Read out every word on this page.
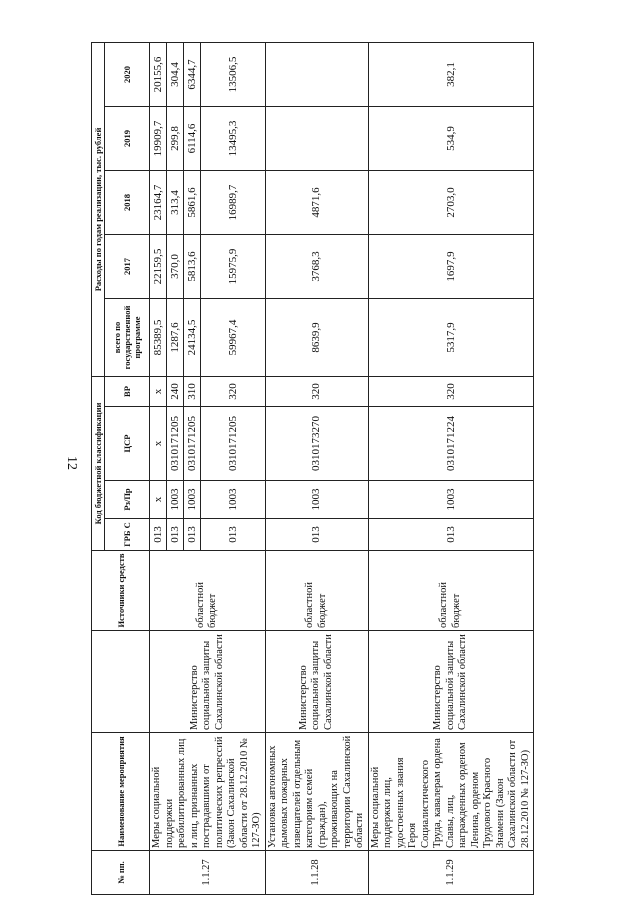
12
№ пп.	Наименование мероприятия		Источники средств	Код бюджетной классификации				Расходы по годам реализации, тыс. рублей				
				ГРБ С	Рз/Пр	ЦСР	ВР	всего по государственной программе	2017	2018	2019	2020
1.1.27	Меры социальной поддержки реабилитированных лиц и лиц, признанных пострадавшими от политических репрессий (Закон Сахалинской области от 28.12.2010 № 127-ЗО)	Министерство социальной защиты Сахалинской области	областной бюджет	013	x	x	x	85389,5	22159,5	23164,7	19909,7	20155,6
				013	1003	0310171205	240	1287,6	370,0	313,4	299,8	304,4
				013	1003	0310171205	310	24134,5	5813,6	5861,6	6114,6	6344,7
				013	1003	0310171205	320	59967,4	15975,9	16989,7	13495,3	13506,5
1.1.28	Установка автономных дымовых пожарных извещателей отдельным категориям семей (граждан), проживающих на территории Сахалинской области	Министерство социальной защиты Сахалинской области	областной бюджет	013	1003	0310173270	320	8639,9	3768,3	4871,6		
1.1.29	Меры социальной поддержки лиц, удостоенных звания Героя Социалистического Труда, кавалерам ордена Славы, лиц, награжденных орденом Ленина, орденом Трудового Красного Знамени (Закон Сахалинской области от 28.12.2010 № 127-ЗО)	Министерство социальной защиты Сахалинской области	областной бюджет	013	1003	0310171224	320	5317,9	1697,9	2703,0	534,9	382,1
